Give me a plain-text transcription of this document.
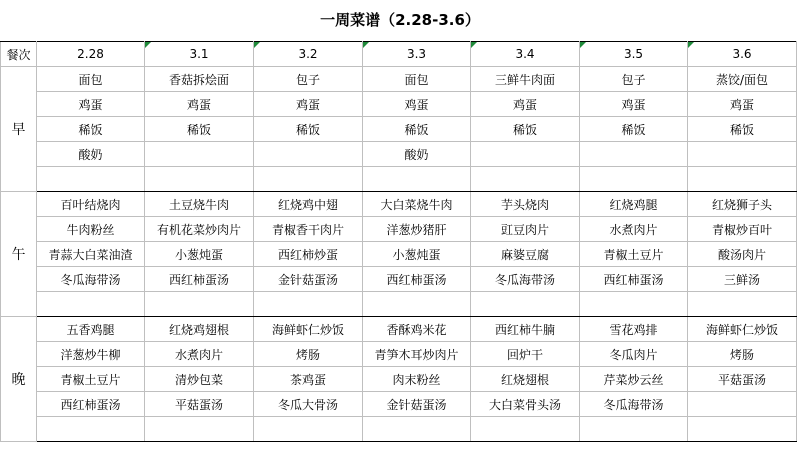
一周菜谱（2.28-3.6）
餐次	2.28	3.1	3.2	3.3	3.4	3.5	3.6
早	面包	香菇拆烩面	包子	面包	三鲜牛肉面	包子	蒸饺/面包
	鸡蛋	鸡蛋	鸡蛋	鸡蛋	鸡蛋	鸡蛋	鸡蛋
	稀饭	稀饭	稀饭	稀饭	稀饭	稀饭	稀饭
	酸奶			酸奶			

午	百叶结烧肉	土豆烧牛肉	红烧鸡中翅	大白菜烧牛肉	芋头烧肉	红烧鸡腿	红烧狮子头
	牛肉粉丝	有机花菜炒肉片	青椒香干肉片	洋葱炒猪肝	豇豆肉片	水煮肉片	青椒炒百叶
	青蒜大白菜油渣	小葱炖蛋	西红柿炒蛋	小葱炖蛋	麻婆豆腐	青椒土豆片	酸汤肉片
	冬瓜海带汤	西红柿蛋汤	金针菇蛋汤	西红柿蛋汤	冬瓜海带汤	西红柿蛋汤	三鲜汤

晚	五香鸡腿	红烧鸡翅根	海鲜虾仁炒饭	香酥鸡米花	西红柿牛腩	雪花鸡排	海鲜虾仁炒饭
	洋葱炒牛柳	水煮肉片	烤肠	青笋木耳炒肉片	回炉干	冬瓜肉片	烤肠
	青椒土豆片	清炒包菜	茶鸡蛋	肉末粉丝	红烧翅根	芹菜炒云丝	平菇蛋汤
	西红柿蛋汤	平菇蛋汤	冬瓜大骨汤	金针菇蛋汤	大白菜骨头汤	冬瓜海带汤	
